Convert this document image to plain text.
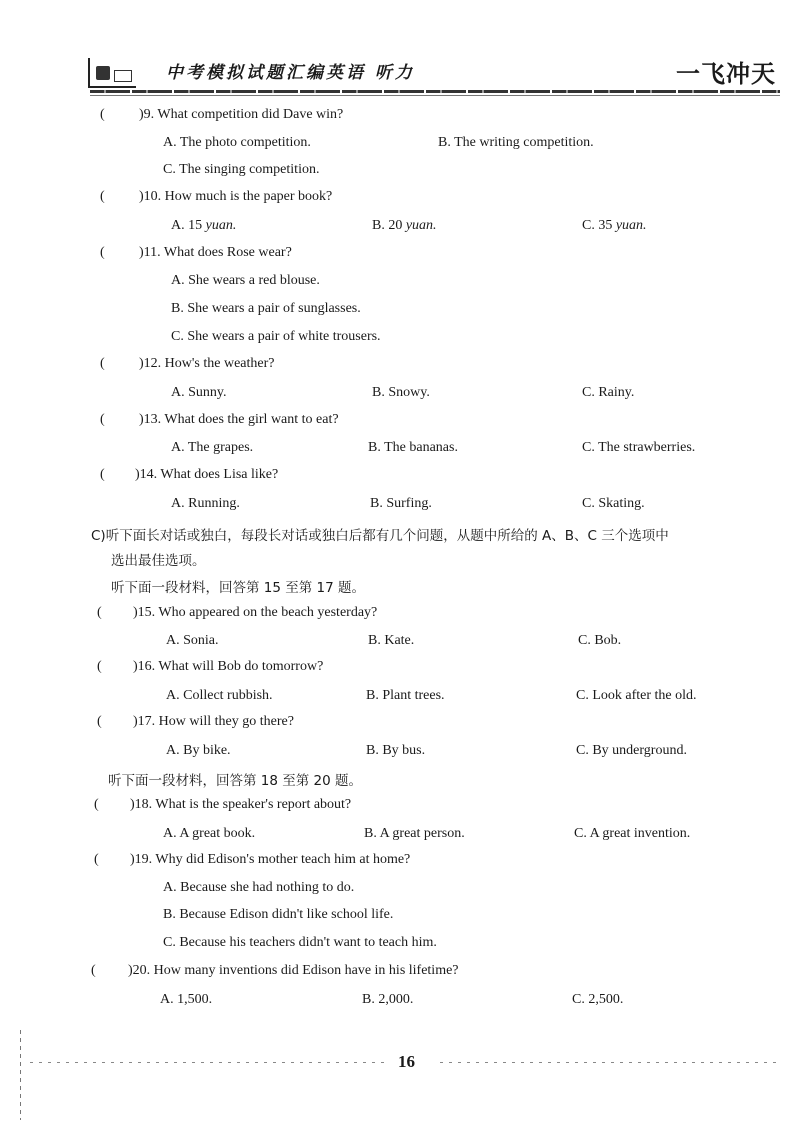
中考模拟试题汇编英语 听力	一飞冲天
( )9. What competition did Dave win?
A. The photo competition.	B. The writing competition.
C. The singing competition.
( )10. How much is the paper book?
A. 15 yuan.	B. 20 yuan.	C. 35 yuan.
( )11. What does Rose wear?
A. She wears a red blouse.
B. She wears a pair of sunglasses.
C. She wears a pair of white trousers.
( )12. How's the weather?
A. Sunny.	B. Snowy.	C. Rainy.
( )13. What does the girl want to eat?
A. The grapes.	B. The bananas.	C. The strawberries.
( )14. What does Lisa like?
A. Running.	B. Surfing.	C. Skating.
C)听下面长对话或独白，每段长对话或独白后都有几个问题，从题中所给的 A、B、C 三个选项中
选出最佳选项。
听下面一段材料，回答第 15 至第 17 题。
( )15. Who appeared on the beach yesterday?
A. Sonia.	B. Kate.	C. Bob.
( )16. What will Bob do tomorrow?
A. Collect rubbish.	B. Plant trees.	C. Look after the old.
( )17. How will they go there?
A. By bike.	B. By bus.	C. By underground.
听下面一段材料，回答第 18 至第 20 题。
( )18. What is the speaker's report about?
A. A great book.	B. A great person.	C. A great invention.
( )19. Why did Edison's mother teach him at home?
A. Because she had nothing to do.
B. Because Edison didn't like school life.
C. Because his teachers didn't want to teach him.
( )20. How many inventions did Edison have in his lifetime?
A. 1,500.	B. 2,000.	C. 2,500.
16
